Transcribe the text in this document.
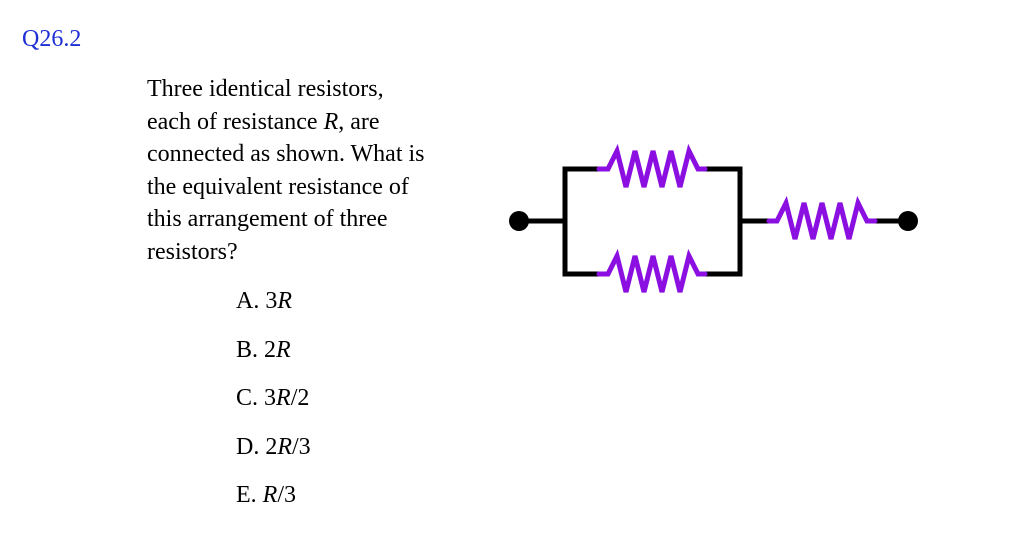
Q26.2

Three identical resistors,
each of resistance R, are
connected as shown. What is
the equivalent resistance of
this arrangement of three
resistors?

A. 3R
B. 2R
C. 3R/2
D. 2R/3
E. R/3
